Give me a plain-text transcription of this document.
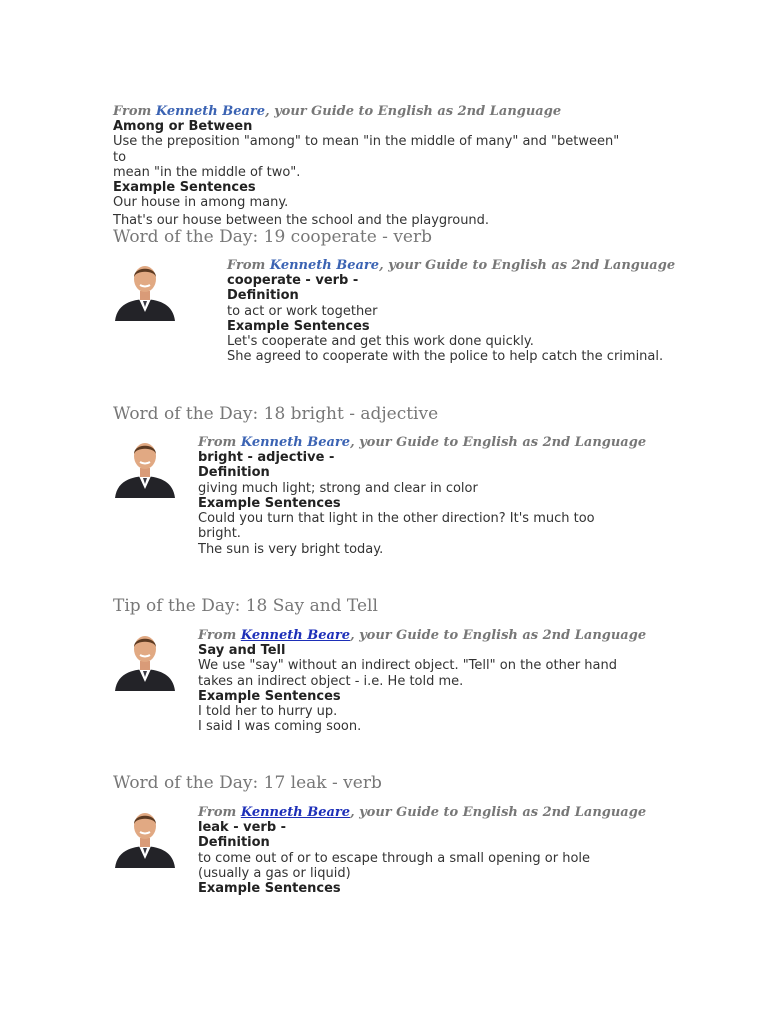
From Kenneth Beare, your Guide to English as 2nd Language
Among or Between
Use the preposition "among" to mean "in the middle of many" and "between" to
mean "in the middle of two".
Example Sentences
Our house in among many.
That's our house between the school and the playground.
Word of the Day: 19 cooperate - verb
From Kenneth Beare, your Guide to English as 2nd Language
cooperate - verb -
Definition
to act or work together
Example Sentences
Let's cooperate and get this work done quickly.
She agreed to cooperate with the police to help catch the criminal.
Word of the Day: 18 bright - adjective
From Kenneth Beare, your Guide to English as 2nd Language
bright - adjective -
Definition
giving much light; strong and clear in color
Example Sentences
Could you turn that light in the other direction? It's much too
bright.
The sun is very bright today.
Tip of the Day: 18 Say and Tell
From Kenneth Beare, your Guide to English as 2nd Language
Say and Tell
We use "say" without an indirect object. "Tell" on the other hand
takes an indirect object - i.e. He told me.
Example Sentences
I told her to hurry up.
I said I was coming soon.
Word of the Day: 17 leak - verb
From Kenneth Beare, your Guide to English as 2nd Language
leak - verb -
Definition
to come out of or to escape through a small opening or hole
(usually a gas or liquid)
Example Sentences
